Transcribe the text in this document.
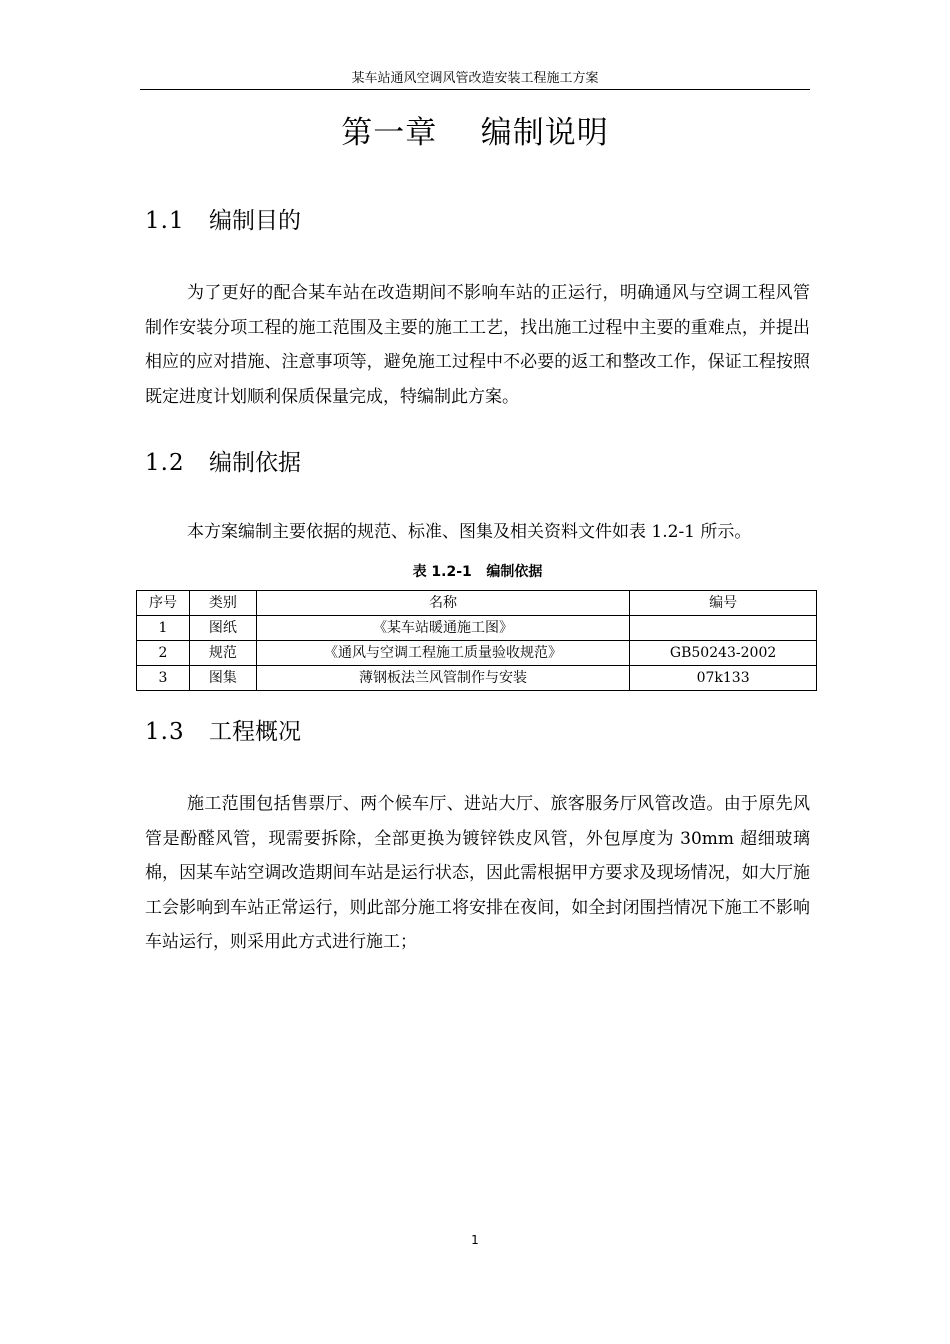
某车站通风空调风管改造安装工程施工方案
第一章    编制说明
1.1 编制目的

为了更好的配合某车站在改造期间不影响车站的正运行，明确通风与空调工程风管制作安装分项工程的施工范围及主要的施工工艺，找出施工过程中主要的重难点，并提出相应的应对措施、注意事项等，避免施工过程中不必要的返工和整改工作，保证工程按照既定进度计划顺利保质保量完成，特编制此方案。

1.2 编制依据

本方案编制主要依据的规范、标准、图集及相关资料文件如表 1.2-1 所示。

表 1.2-1   编制依据
序号	类别	名称	编号
1	图纸	《某车站暖通施工图》	
2	规范	《通风与空调工程施工质量验收规范》	GB50243-2002
3	图集	薄钢板法兰风管制作与安装	07k133
1.3 工程概况

施工范围包括售票厅、两个候车厅、进站大厅、旅客服务厅风管改造。由于原先风管是酚醛风管，现需要拆除，全部更换为镀锌铁皮风管，外包厚度为 30mm 超细玻璃棉，因某车站空调改造期间车站是运行状态，因此需根据甲方要求及现场情况，如大厅施工会影响到车站正常运行，则此部分施工将安排在夜间，如全封闭围挡情况下施工不影响车站运行，则采用此方式进行施工；

1
